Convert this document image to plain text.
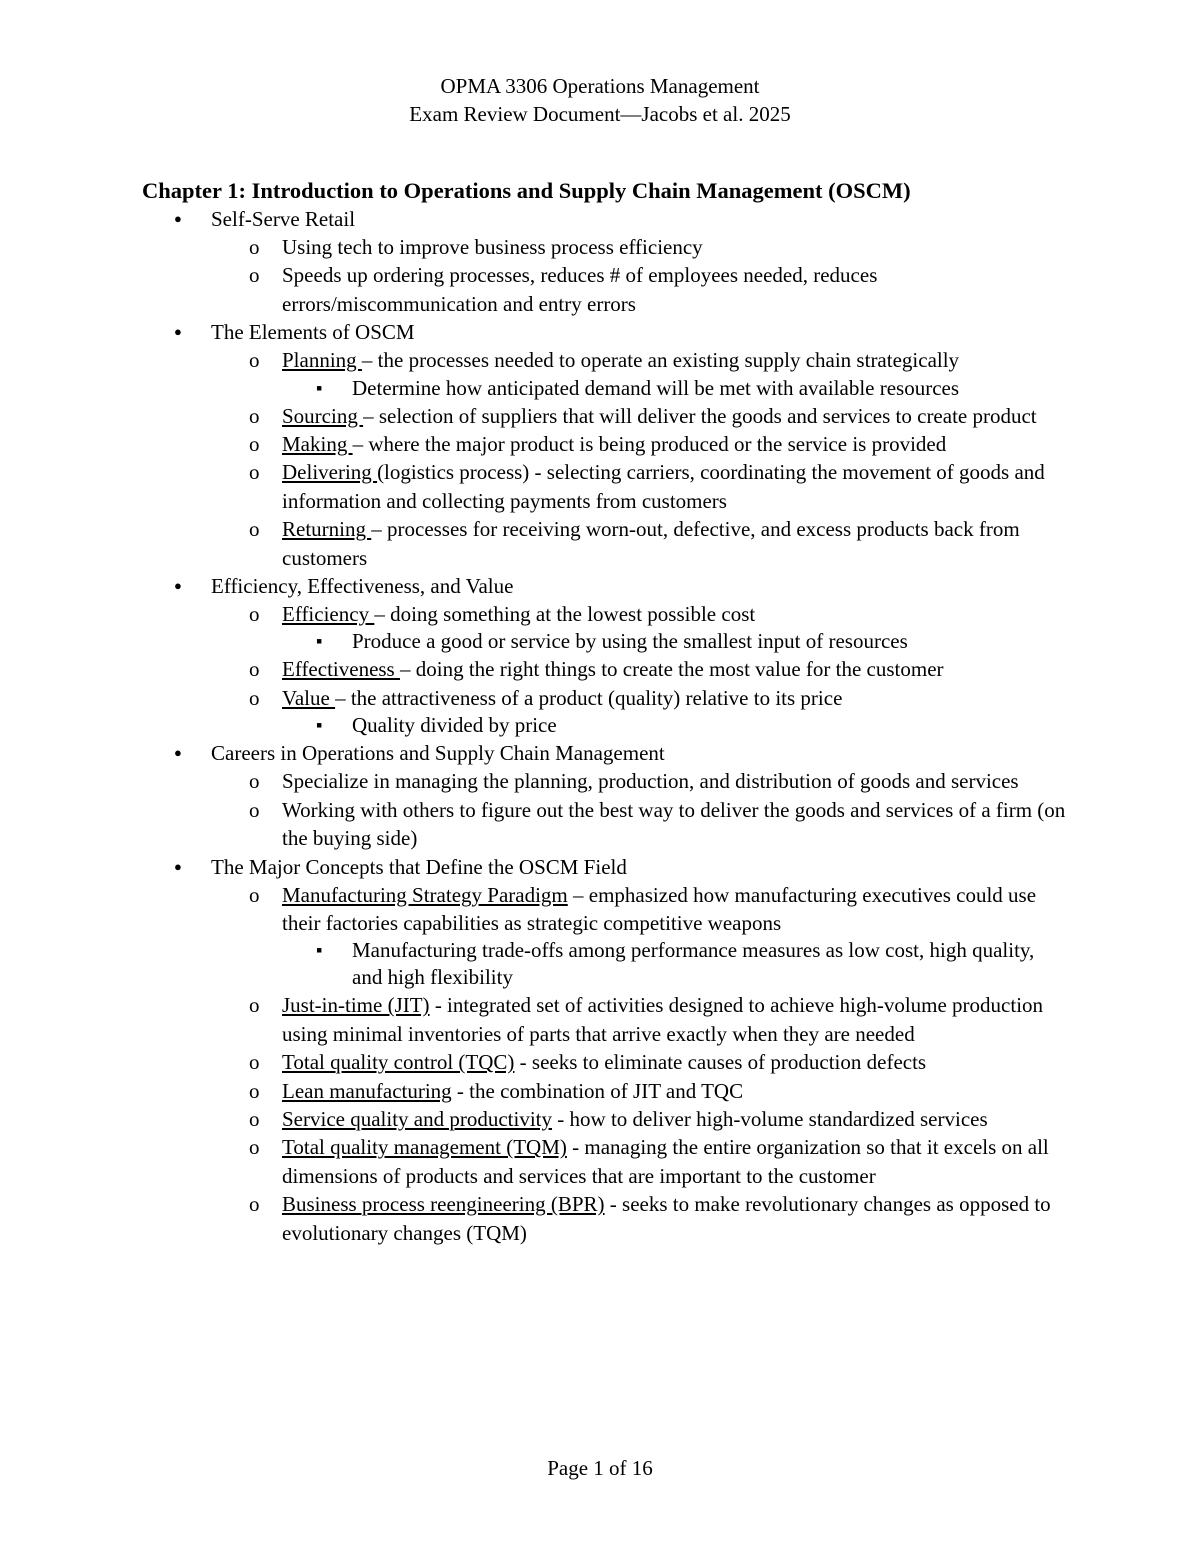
OPMA 3306 Operations Management
Exam Review Document—Jacobs et al. 2025
Chapter 1: Introduction to Operations and Supply Chain Management (OSCM)
● Self-Serve Retail
o Using tech to improve business process efficiency
o Speeds up ordering processes, reduces # of employees needed, reduces errors/miscommunication and entry errors
● The Elements of OSCM
o Planning – the processes needed to operate an existing supply chain strategically
▪ Determine how anticipated demand will be met with available resources
o Sourcing – selection of suppliers that will deliver the goods and services to create product
o Making – where the major product is being produced or the service is provided
o Delivering (logistics process) - selecting carriers, coordinating the movement of goods and information and collecting payments from customers
o Returning – processes for receiving worn-out, defective, and excess products back from customers
● Efficiency, Effectiveness, and Value
o Efficiency – doing something at the lowest possible cost
▪ Produce a good or service by using the smallest input of resources
o Effectiveness – doing the right things to create the most value for the customer
o Value – the attractiveness of a product (quality) relative to its price
▪ Quality divided by price
● Careers in Operations and Supply Chain Management
o Specialize in managing the planning, production, and distribution of goods and services
o Working with others to figure out the best way to deliver the goods and services of a firm (on the buying side)
● The Major Concepts that Define the OSCM Field
o Manufacturing Strategy Paradigm – emphasized how manufacturing executives could use their factories capabilities as strategic competitive weapons
▪ Manufacturing trade-offs among performance measures as low cost, high quality, and high flexibility
o Just-in-time (JIT) - integrated set of activities designed to achieve high-volume production using minimal inventories of parts that arrive exactly when they are needed
o Total quality control (TQC) - seeks to eliminate causes of production defects
o Lean manufacturing - the combination of JIT and TQC
o Service quality and productivity - how to deliver high-volume standardized services
o Total quality management (TQM) - managing the entire organization so that it excels on all dimensions of products and services that are important to the customer
o Business process reengineering (BPR) - seeks to make revolutionary changes as opposed to evolutionary changes (TQM)
Page 1 of 16
